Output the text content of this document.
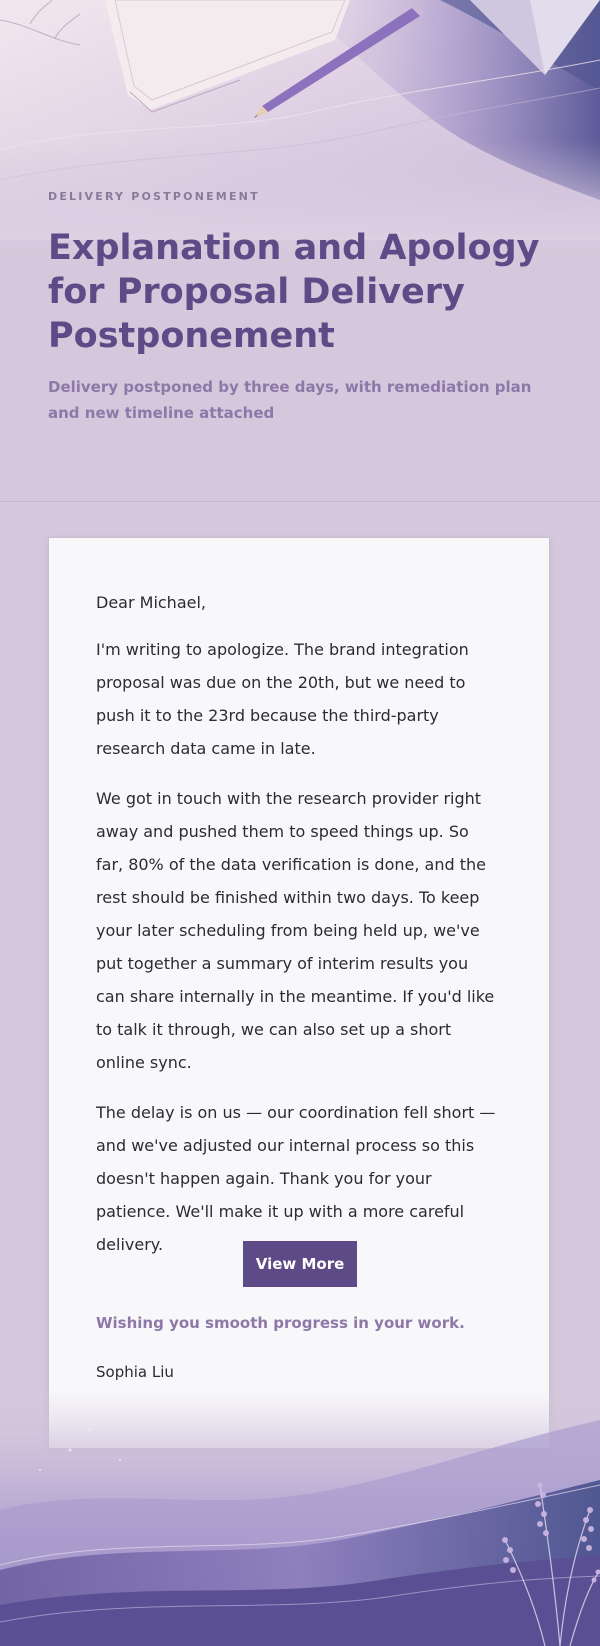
DELIVERY POSTPONEMENT
Explanation and Apology for Proposal Delivery Postponement

Delivery postponed by three days, with remediation plan and new timeline attached

Dear Michael,

I'm writing to apologize. The brand integration proposal was due on the 20th, but we need to push it to the 23rd because the third-party research data came in late.

We got in touch with the research provider right away and pushed them to speed things up. So far, 80% of the data verification is done, and the rest should be finished within two days. To keep your later scheduling from being held up, we've put together a summary of interim results you can share internally in the meantime. If you'd like to talk it through, we can also set up a short online sync.

The delay is on us — our coordination fell short — and we've adjusted our internal process so this doesn't happen again. Thank you for your patience. We'll make it up with a more careful delivery.

View More

Wishing you smooth progress in your work.

Sophia Liu
